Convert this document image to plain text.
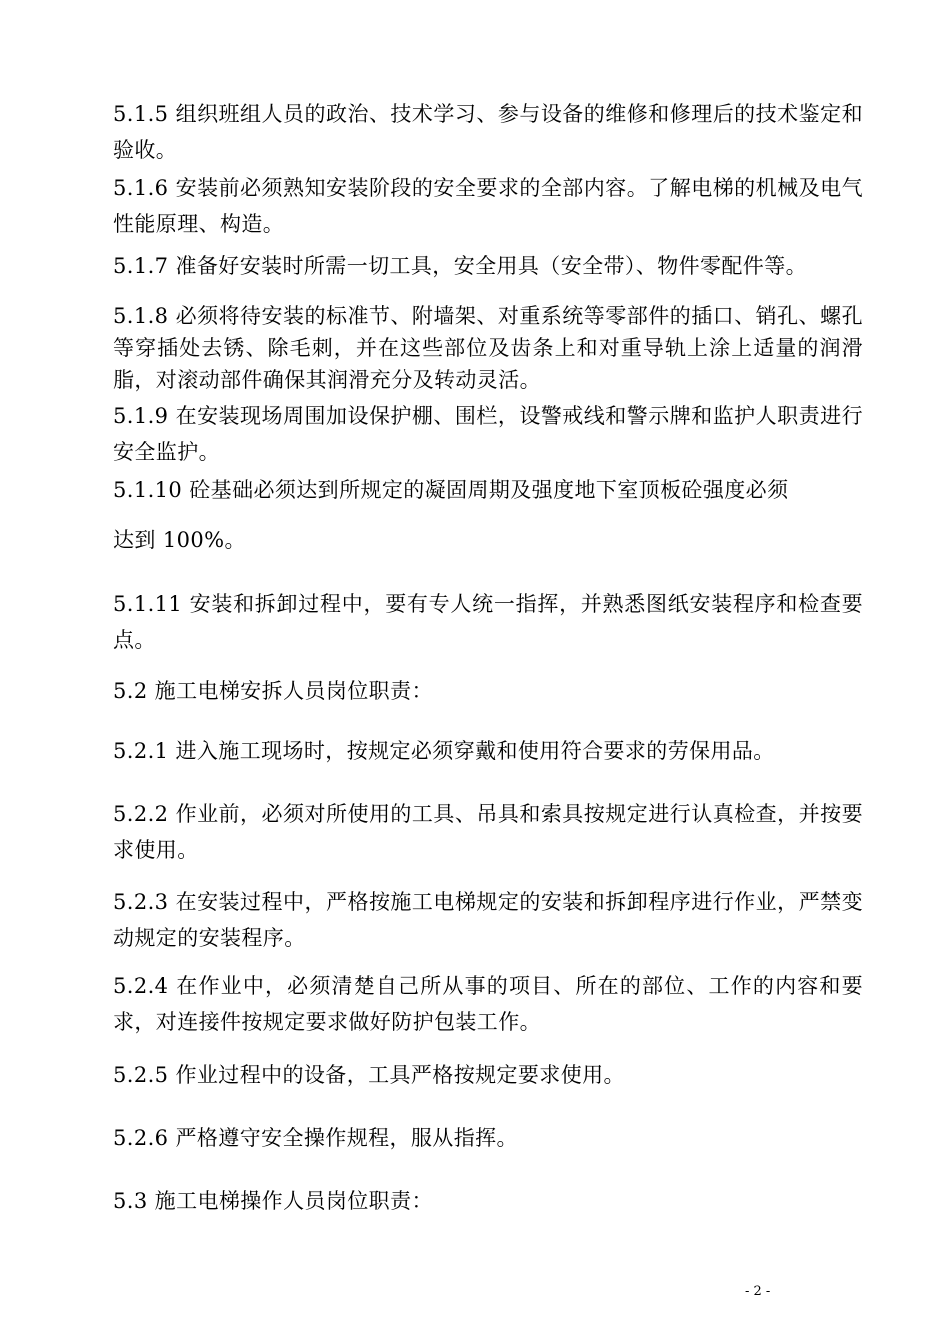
5.1.5 组织班组人员的政治、技术学习、参与设备的维修和修理后的技术鉴定和验收。

5.1.6 安装前必须熟知安装阶段的安全要求的全部内容。了解电梯的机械及电气性能原理、构造。

5.1.7 准备好安装时所需一切工具，安全用具（安全带）、物件零配件等。

5.1.8 必须将待安装的标准节、附墙架、对重系统等零部件的插口、销孔、螺孔等穿插处去锈、除毛刺，并在这些部位及齿条上和对重导轨上涂上适量的润滑脂，对滚动部件确保其润滑充分及转动灵活。

5.1.9 在安装现场周围加设保护棚、围栏，设警戒线和警示牌和监护人职责进行安全监护。

5.1.10 砼基础必须达到所规定的凝固周期及强度地下室顶板砼强度必须

达到 100%。

5.1.11 安装和拆卸过程中，要有专人统一指挥，并熟悉图纸安装程序和检查要点。

5.2 施工电梯安拆人员岗位职责：

5.2.1 进入施工现场时，按规定必须穿戴和使用符合要求的劳保用品。

5.2.2 作业前，必须对所使用的工具、吊具和索具按规定进行认真检查，并按要求使用。

5.2.3 在安装过程中，严格按施工电梯规定的安装和拆卸程序进行作业，严禁变动规定的安装程序。

5.2.4 在作业中，必须清楚自己所从事的项目、所在的部位、工作的内容和要求，对连接件按规定要求做好防护包装工作。

5.2.5 作业过程中的设备，工具严格按规定要求使用。

5.2.6 严格遵守安全操作规程，服从指挥。

5.3 施工电梯操作人员岗位职责：

- 2 -
